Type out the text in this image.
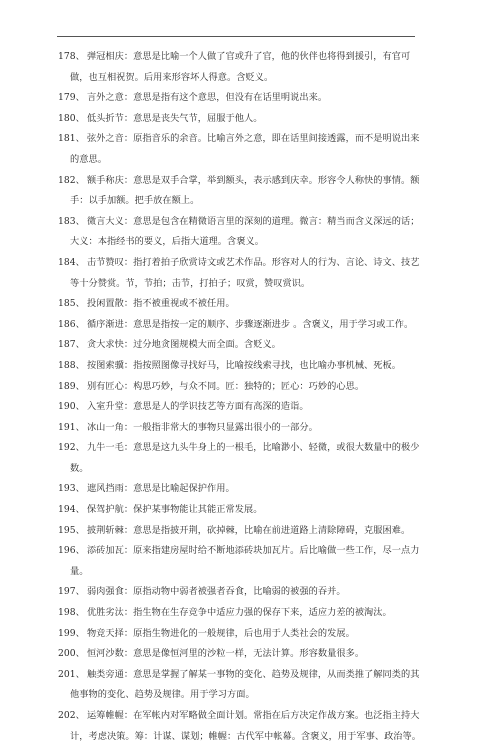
178、 弹冠相庆：意思是比喻一个人做了官或升了官，他的伙伴也将得到援引，有官可
做，也互相祝贺。后用来形容坏人得意。含贬义。
179、 言外之意：意思是指有这个意思，但没有在话里明说出来。
180、 低头折节：意思是丧失气节，屈服于他人。
181、 弦外之音：原指音乐的余音。比喻言外之意，即在话里间接透露，而不是明说出来
的意思。
182、 额手称庆：意思是双手合掌，举到额头，表示感到庆幸。形容令人称快的事情。额
手：以手加额。把手放在额上。
183、 微言大义：意思是包含在精微语言里的深刻的道理。微言：精当而含义深远的话；
大义：本指经书的要义，后指大道理。含褒义。
184、 击节赞叹：指打着拍子欣赏诗文或艺术作品。形容对人的行为、言论、诗文、技艺
等十分赞赏。节，节拍；击节，打拍子；叹赏，赞叹赏识。
185、 投闲置散：指不被重视或不被任用。
186、 循序渐进：意思是指按一定的顺序、步骤逐渐进步 。含褒义，用于学习或工作。
187、 贪大求快：过分地贪图规模大而全面。含贬义。
188、 按图索骥：指按照图像寻找好马，比喻按线索寻找，也比喻办事机械、死板。
189、 别有匠心：构思巧妙，与众不同。匠：独特的；匠心：巧妙的心思。
190、 入室升堂：意思是人的学识技艺等方面有高深的造诣。
191、 冰山一角：一般指非常大的事物只显露出很小的一部分。
192、 九牛一毛：意思是这九头牛身上的一根毛，比喻渺小、轻微，或很大数量中的极少
数。
193、 遮风挡雨：意思是比喻起保护作用。
194、 保驾护航：保护某事物能让其能正常发展。
195、 披荆斩棘：意思是指披开荆，砍掉棘，比喻在前进道路上清除障碍，克服困难。
196、 添砖加瓦：原来指建房屋时给不断地添砖块加瓦片。后比喻做一些工作，尽一点力
量。
197、 弱肉强食：原指动物中弱者被强者吞食，比喻弱的被强的吞并。
198、 优胜劣汰：指生物在生存竞争中适应力强的保存下来，适应力差的被淘汰。
199、 物竞天择：原指生物进化的一般规律，后也用于人类社会的发展。
200、 恒河沙数：意思是像恒河里的沙粒一样，无法计算。形容数量很多。
201、 触类旁通：意思是掌握了解某一事物的变化、趋势及规律，从而类推了解同类的其
他事物的变化、趋势及规律。用于学习方面。
202、 运筹帷幄：在军帐内对军略做全面计划。常指在后方决定作战方案。也泛指主持大
计，考虑决策。筹：计谋、谋划；帷幄：古代军中帐幕。含褒义，用于军事、政治等。
